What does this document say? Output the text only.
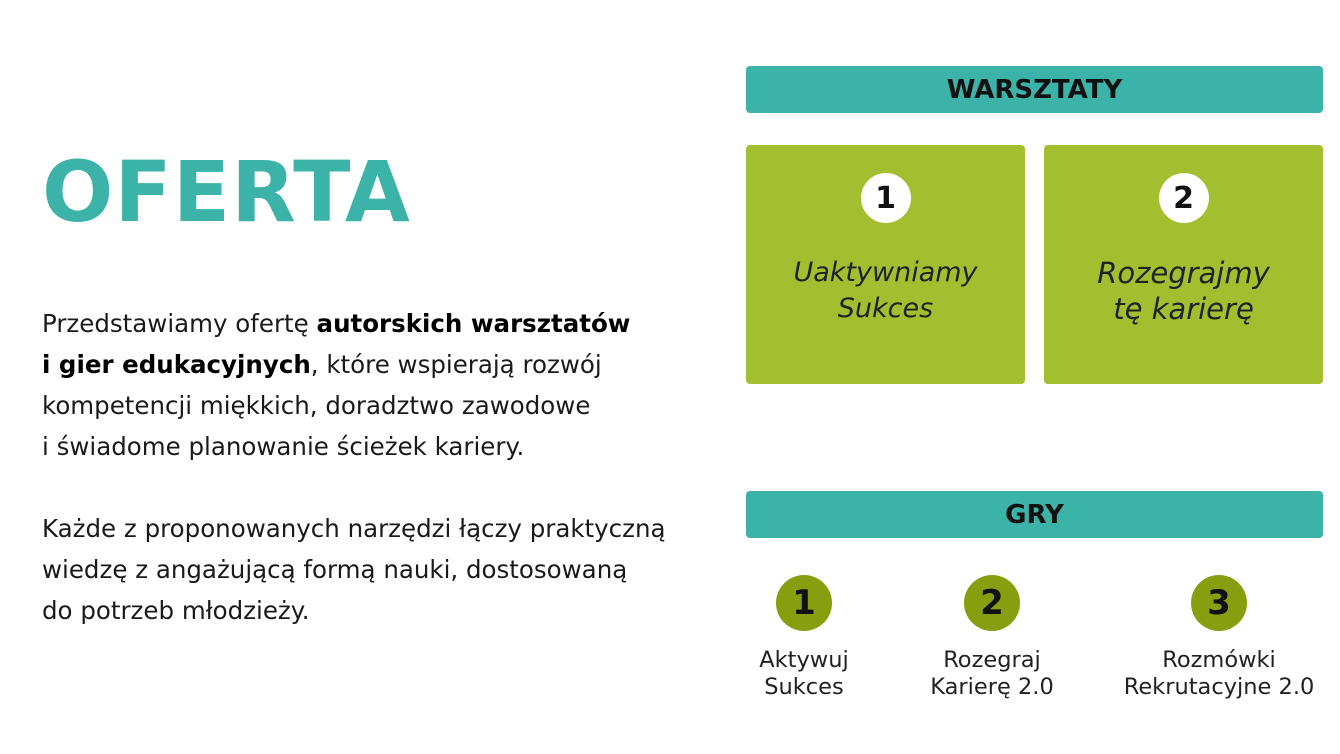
OFERTA

Przedstawiamy ofertę autorskich warsztatów
i gier edukacyjnych, które wspierają rozwój
kompetencji miękkich, doradztwo zawodowe
i świadome planowanie ścieżek kariery.

Każde z proponowanych narzędzi łączy praktyczną
wiedzę z angażującą formą nauki, dostosowaną
do potrzeb młodzieży.

WARSZTATY
1
Uaktywniamy
Sukces
2
Rozegrajmy
tę karierę
GRY
1
Aktywuj
Sukces
2
Rozegraj
Karierę 2.0
3
Rozmówki
Rekrutacyjne 2.0
